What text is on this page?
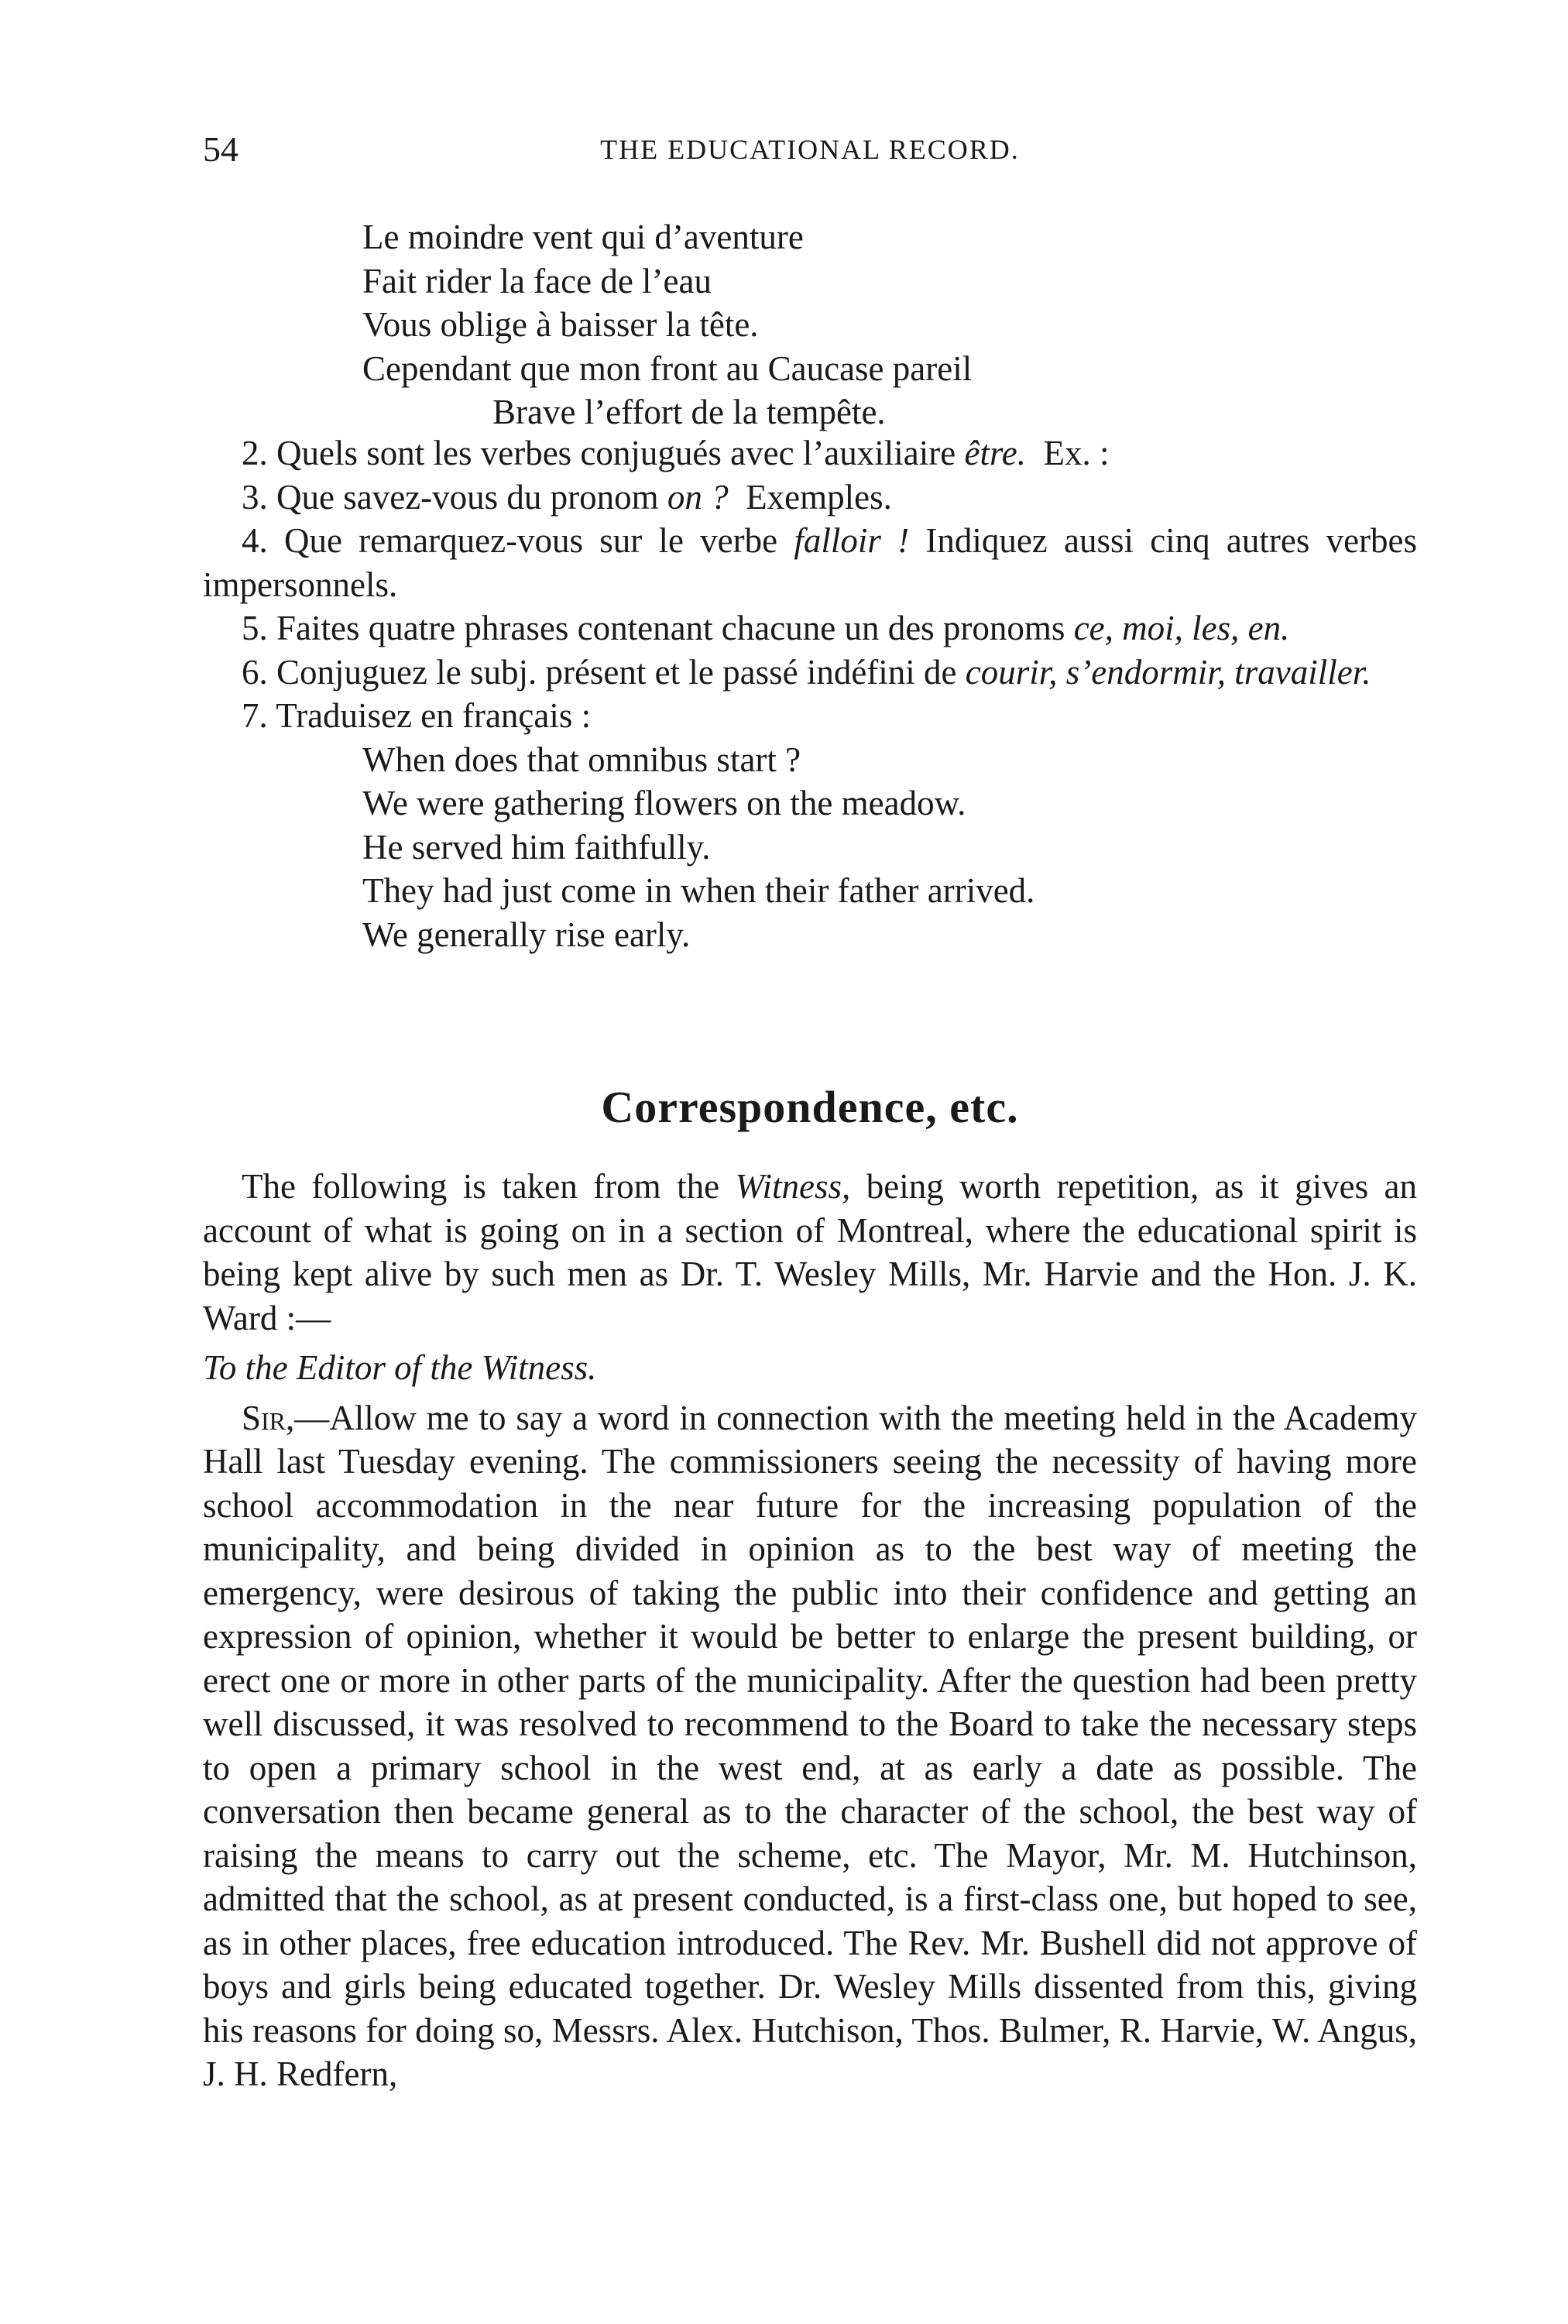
54	THE EDUCATIONAL RECORD.
Le moindre vent qui d’aventure
Fait rider la face de l’eau
Vous oblige à baisser la tête.
Cependant que mon front au Caucase pareil
Brave l’effort de la tempête.
2. Quels sont les verbes conjugués avec l’auxiliaire être. Ex. :
3. Que savez-vous du pronom on ? Exemples.
4. Que remarquez-vous sur le verbe falloir ! Indiquez aussi cinq autres verbes impersonnels.
5. Faites quatre phrases contenant chacune un des pronoms ce, moi, les, en.
6. Conjuguez le subj. présent et le passé indéfini de courir, s’endormir, travailler.
7. Traduisez en français :
When does that omnibus start ?
We were gathering flowers on the meadow.
He served him faithfully.
They had just come in when their father arrived.
We generally rise early.
Correspondence, etc.

The following is taken from the Witness, being worth repetition, as it gives an account of what is going on in a section of Montreal, where the educational spirit is being kept alive by such men as Dr. T. Wesley Mills, Mr. Harvie and the Hon. J. K. Ward :—

To the Editor of the Witness.

Sir,—Allow me to say a word in connection with the meeting held in the Academy Hall last Tuesday evening. The commissioners seeing the necessity of having more school accommodation in the near future for the increasing population of the municipality, and being divided in opinion as to the best way of meeting the emergency, were desirous of taking the public into their confidence and getting an expression of opinion, whether it would be better to enlarge the present building, or erect one or more in other parts of the municipality. After the question had been pretty well discussed, it was resolved to recommend to the Board to take the necessary steps to open a primary school in the west end, at as early a date as possible. The conversation then became general as to the character of the school, the best way of raising the means to carry out the scheme, etc. The Mayor, Mr. M. Hutchinson, admitted that the school, as at present conducted, is a first-class one, but hoped to see, as in other places, free education introduced. The Rev. Mr. Bushell did not approve of boys and girls being educated together. Dr. Wesley Mills dissented from this, giving his reasons for doing so, Messrs. Alex. Hutchison, Thos. Bulmer, R. Harvie, W. Angus, J. H. Redfern,
